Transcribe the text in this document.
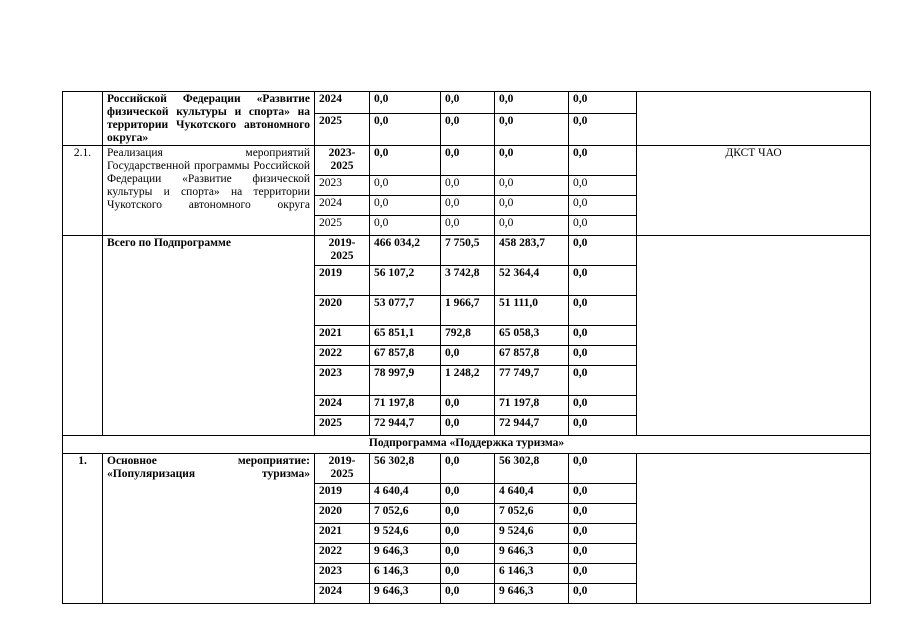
	Российской Федерации «Развитие физической культуры и спорта» на территории Чукотского автономного округа»	2024	0,0	0,0	0,0	0,0	
		2025	0,0	0,0	0,0	0,0	
2.1.	Реализация мероприятий Государственной программы Российской Федерации «Развитие физической культуры и спорта» на территории Чукотского автономного округа	2023-2025	0,0	0,0	0,0	0,0	ДКСТ ЧАО
		2023	0,0	0,0	0,0	0,0	
		2024	0,0	0,0	0,0	0,0	
		2025	0,0	0,0	0,0	0,0	
	Всего по Подпрограмме	2019-2025	466 034,2	7 750,5	458 283,7	0,0	
		2019	56 107,2	3 742,8	52 364,4	0,0	
		2020	53 077,7	1 966,7	51 111,0	0,0	
		2021	65 851,1	792,8	65 058,3	0,0	
		2022	67 857,8	0,0	67 857,8	0,0	
		2023	78 997,9	1 248,2	77 749,7	0,0	
		2024	71 197,8	0,0	71 197,8	0,0	
		2025	72 944,7	0,0	72 944,7	0,0	
Подпрограмма «Поддержка туризма»							
1.	Основное мероприятие: «Популяризация туризма»	2019-2025	56 302,8	0,0	56 302,8	0,0	
		2019	4 640,4	0,0	4 640,4	0,0	
		2020	7 052,6	0,0	7 052,6	0,0	
		2021	9 524,6	0,0	9 524,6	0,0	
		2022	9 646,3	0,0	9 646,3	0,0	
		2023	6 146,3	0,0	6 146,3	0,0	
		2024	9 646,3	0,0	9 646,3	0,0	
